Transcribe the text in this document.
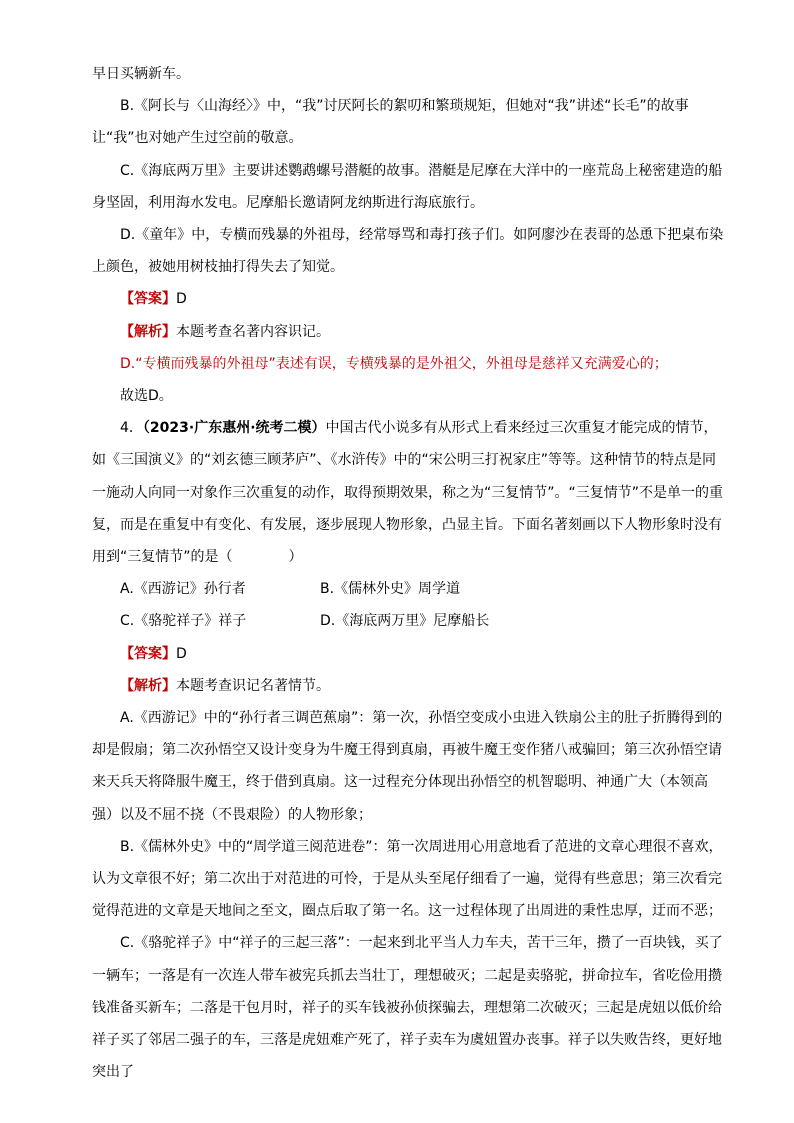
早日买辆新车。

B.《阿长与〈山海经〉》中，“我”讨厌阿长的絮叨和繁琐规矩，但她对“我”讲述“长毛”的故事让“我”也对她产生过空前的敬意。

C.《海底两万里》主要讲述鹦鹉螺号潜艇的故事。潜艇是尼摩在大洋中的一座荒岛上秘密建造的船身坚固，利用海水发电。尼摩船长邀请阿龙纳斯进行海底旅行。

D.《童年》中，专横而残暴的外祖母，经常辱骂和毒打孩子们。如阿廖沙在表哥的怂恿下把桌布染上颜色，被她用树枝抽打得失去了知觉。

【答案】D

【解析】本题考查名著内容识记。

D.“专横而残暴的外祖母”表述有误，专横残暴的是外祖父，外祖母是慈祥又充满爱心的；

故选D。

4．（2023·广东惠州·统考二模）中国古代小说多有从形式上看来经过三次重复才能完成的情节，如《三国演义》的“刘玄德三顾茅庐”、《水浒传》中的“宋公明三打祝家庄”等等。这种情节的特点是同一施动人向同一对象作三次重复的动作，取得预期效果，称之为“三复情节”。“三复情节”不是单一的重复，而是在重复中有变化、有发展，逐步展现人物形象，凸显主旨。下面名著刻画以下人物形象时没有用到“三复情节”的是（	）

A.《西游记》孙行者	B.《儒林外史》周学道
C.《骆驼祥子》祥子	D.《海底两万里》尼摩船长

【答案】D

【解析】本题考查识记名著情节。

A.《西游记》中的“孙行者三调芭蕉扇”：第一次，孙悟空变成小虫进入铁扇公主的肚子折腾得到的却是假扇；第二次孙悟空又设计变身为牛魔王得到真扇，再被牛魔王变作猪八戒骗回；第三次孙悟空请来天兵天将降服牛魔王，终于借到真扇。这一过程充分体现出孙悟空的机智聪明、神通广大（本领高强）以及不屈不挠（不畏艰险）的人物形象；

B.《儒林外史》中的“周学道三阅范进卷”：第一次周进用心用意地看了范进的文章心理很不喜欢，认为文章很不好；第二次出于对范进的可怜，于是从头至尾仔细看了一遍，觉得有些意思；第三次看完觉得范进的文章是天地间之至文，圈点后取了第一名。这一过程体现了出周进的秉性忠厚，迂而不恶；

C.《骆驼祥子》中“祥子的三起三落”：一起来到北平当人力车夫，苦干三年，攒了一百块钱，买了一辆车；一落是有一次连人带车被宪兵抓去当壮丁，理想破灭；二起是卖骆驼，拼命拉车，省吃俭用攒钱准备买新车；二落是干包月时，祥子的买车钱被孙侦探骗去，理想第二次破灭；三起是虎妞以低价给祥子买了邻居二强子的车，三落是虎妞难产死了，祥子卖车为虞妞置办丧事。祥子以失败告终，更好地突出了
